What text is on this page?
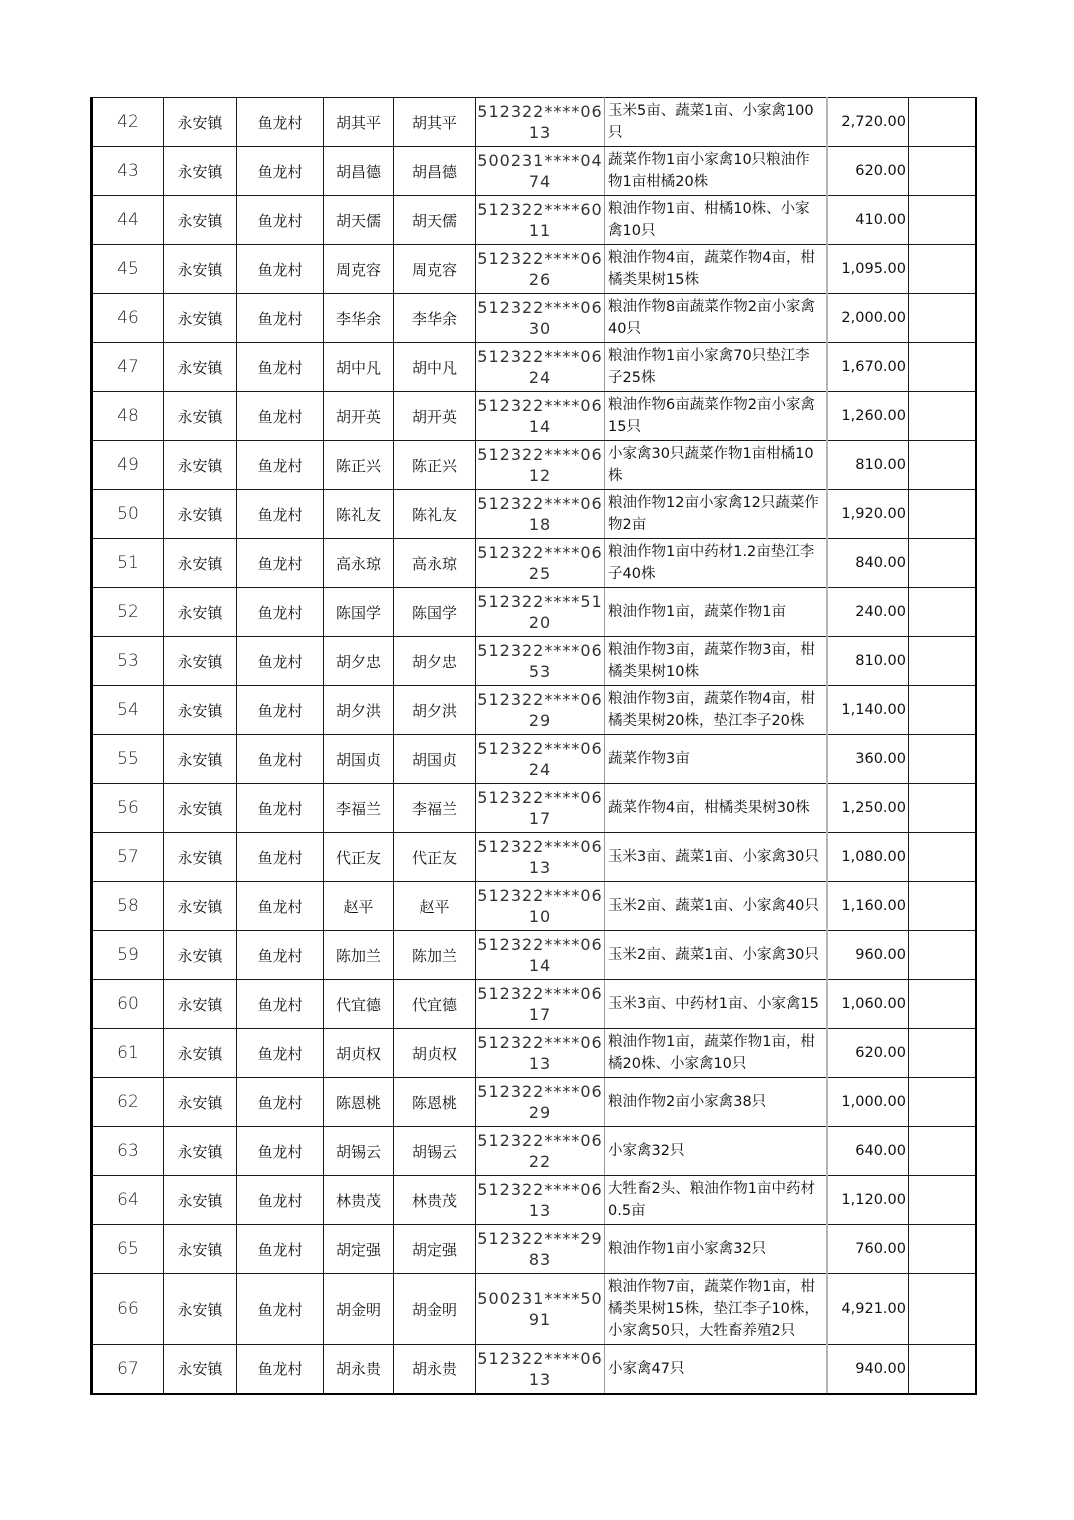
42	永安镇	鱼龙村	胡其平	胡其平	512322****0613	玉米5亩、蔬菜1亩、小家禽100只	2,720.00	
43	永安镇	鱼龙村	胡昌德	胡昌德	500231****0474	蔬菜作物1亩小家禽10只粮油作物1亩柑橘20株	620.00	
44	永安镇	鱼龙村	胡天儒	胡天儒	512322****6011	粮油作物1亩、柑橘10株、小家禽10只	410.00	
45	永安镇	鱼龙村	周克容	周克容	512322****0626	粮油作物4亩，蔬菜作物4亩，柑橘类果树15株	1,095.00	
46	永安镇	鱼龙村	李华余	李华余	512322****0630	粮油作物8亩蔬菜作物2亩小家禽40只	2,000.00	
47	永安镇	鱼龙村	胡中凡	胡中凡	512322****0624	粮油作物1亩小家禽70只垫江李子25株	1,670.00	
48	永安镇	鱼龙村	胡开英	胡开英	512322****0614	粮油作物6亩蔬菜作物2亩小家禽15只	1,260.00	
49	永安镇	鱼龙村	陈正兴	陈正兴	512322****0612	小家禽30只蔬菜作物1亩柑橘10株	810.00	
50	永安镇	鱼龙村	陈礼友	陈礼友	512322****0618	粮油作物12亩小家禽12只蔬菜作物2亩	1,920.00	
51	永安镇	鱼龙村	高永琼	高永琼	512322****0625	粮油作物1亩中药材1.2亩垫江李子40株	840.00	
52	永安镇	鱼龙村	陈国学	陈国学	512322****5120	粮油作物1亩，蔬菜作物1亩	240.00	
53	永安镇	鱼龙村	胡夕忠	胡夕忠	512322****0653	粮油作物3亩，蔬菜作物3亩，柑橘类果树10株	810.00	
54	永安镇	鱼龙村	胡夕洪	胡夕洪	512322****0629	粮油作物3亩，蔬菜作物4亩，柑橘类果树20株，垫江李子20株	1,140.00	
55	永安镇	鱼龙村	胡国贞	胡国贞	512322****0624	蔬菜作物3亩	360.00	
56	永安镇	鱼龙村	李福兰	李福兰	512322****0617	蔬菜作物4亩，柑橘类果树30株	1,250.00	
57	永安镇	鱼龙村	代正友	代正友	512322****0613	玉米3亩、蔬菜1亩、小家禽30只	1,080.00	
58	永安镇	鱼龙村	赵平	赵平	512322****0610	玉米2亩、蔬菜1亩、小家禽40只	1,160.00	
59	永安镇	鱼龙村	陈加兰	陈加兰	512322****0614	玉米2亩、蔬菜1亩、小家禽30只	960.00	
60	永安镇	鱼龙村	代宜德	代宜德	512322****0617	玉米3亩、中药材1亩、小家禽15	1,060.00	
61	永安镇	鱼龙村	胡贞权	胡贞权	512322****0613	粮油作物1亩，蔬菜作物1亩，柑橘20株、小家禽10只	620.00	
62	永安镇	鱼龙村	陈恩桃	陈恩桃	512322****0629	粮油作物2亩小家禽38只	1,000.00	
63	永安镇	鱼龙村	胡锡云	胡锡云	512322****0622	小家禽32只	640.00	
64	永安镇	鱼龙村	林贵茂	林贵茂	512322****0613	大牲畜2头、粮油作物1亩中药材0.5亩	1,120.00	
65	永安镇	鱼龙村	胡定强	胡定强	512322****2983	粮油作物1亩小家禽32只	760.00	
66	永安镇	鱼龙村	胡金明	胡金明	500231****5091	粮油作物7亩，蔬菜作物1亩，柑橘类果树15株，垫江李子10株，小家禽50只，大牲畜养殖2只	4,921.00	
67	永安镇	鱼龙村	胡永贵	胡永贵	512322****0613	小家禽47只	940.00	
